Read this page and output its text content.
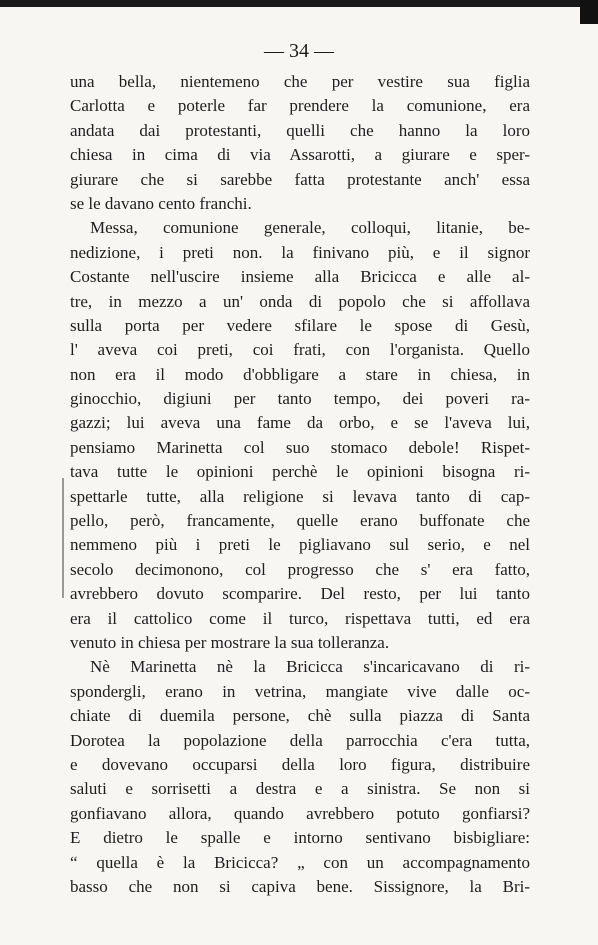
— 34 —
una bella, nientemeno che per vestire sua figlia
Carlotta e poterle far prendere la comunione, era
andata dai protestanti, quelli che hanno la loro
chiesa in cima di via Assarotti, a giurare e sper-
giurare che si sarebbe fatta protestante anch' essa
se le davano cento franchi.
Messa, comunione generale, colloqui, litanie, be-
nedizione, i preti non. la finivano più, e il signor
Costante nell'uscire insieme alla Bricicca e alle al-
tre, in mezzo a un' onda di popolo che si affollava
sulla porta per vedere sfilare le spose di Gesù,
l' aveva coi preti, coi frati, con l'organista. Quello
non era il modo d'obbligare a stare in chiesa, in
ginocchio, digiuni per tanto tempo, dei poveri ra-
gazzi; lui aveva una fame da orbo, e se l'aveva lui,
pensiamo Marinetta col suo stomaco debole! Rispet-
tava tutte le opinioni perchè le opinioni bisogna ri-
spettarle tutte, alla religione si levava tanto di cap-
pello, però, francamente, quelle erano buffonate che
nemmeno più i preti le pigliavano sul serio, e nel
secolo decimonono, col progresso che s' era fatto,
avrebbero dovuto scomparire. Del resto, per lui tanto
era il cattolico come il turco, rispettava tutti, ed era
venuto in chiesa per mostrare la sua tolleranza.
Nè Marinetta nè la Bricicca s'incaricavano di ri-
spondergli, erano in vetrina, mangiate vive dalle oc-
chiate di duemila persone, chè sulla piazza di Santa
Dorotea la popolazione della parrocchia c'era tutta,
e dovevano occuparsi della loro figura, distribuire
saluti e sorrisetti a destra e a sinistra. Se non si
gonfiavano allora, quando avrebbero potuto gonfiarsi?
E dietro le spalle e intorno sentivano bisbigliare:
“ quella è la Bricicca? „ con un accompagnamento
basso che non si capiva bene. Sissignore, la Bri-
